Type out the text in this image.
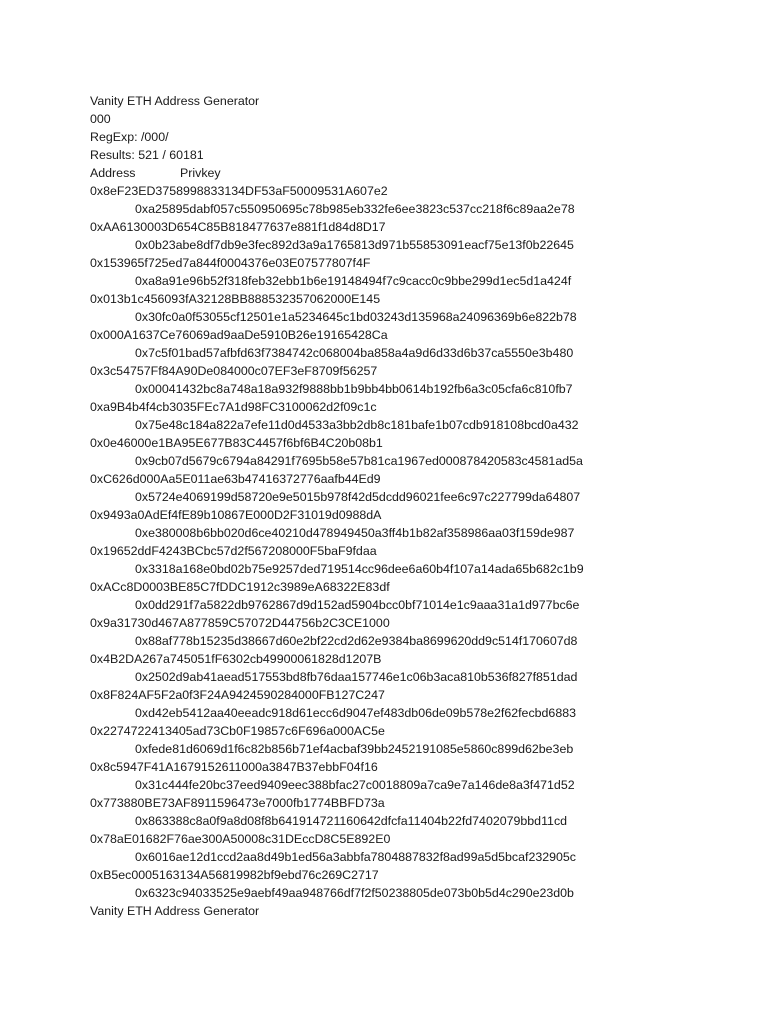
Vanity ETH Address Generator
000
RegExp: /000/
Results: 521 / 60181
Address	Privkey
0x8eF23ED3758998833134DF53aF50009531A607e2
0xa25895dabf057c550950695c78b985eb332fe6ee3823c537cc218f6c89aa2e78
0xAA6130003D654C85B818477637e881f1d84d8D17
0x0b23abe8df7db9e3fec892d3a9a1765813d971b55853091eacf75e13f0b22645
0x153965f725ed7a844f0004376e03E07577807f4F
0xa8a91e96b52f318feb32ebb1b6e19148494f7c9cacc0c9bbe299d1ec5d1a424f
0x013b1c456093fA32128BB888532357062000E145
0x30fc0a0f53055cf12501e1a5234645c1bd03243d135968a24096369b6e822b78
0x000A1637Ce76069ad9aaDe5910B26e19165428Ca
0x7c5f01bad57afbfd63f7384742c068004ba858a4a9d6d33d6b37ca5550e3b480
0x3c54757Ff84A90De084000c07EF3eF8709f56257
0x00041432bc8a748a18a932f9888bb1b9bb4bb0614b192fb6a3c05cfa6c810fb7
0xa9B4b4f4cb3035FEc7A1d98FC3100062d2f09c1c
0x75e48c184a822a7efe11d0d4533a3bb2db8c181bafe1b07cdb918108bcd0a432
0x0e46000e1BA95E677B83C4457f6bf6B4C20b08b1
0x9cb07d5679c6794a84291f7695b58e57b81ca1967ed000878420583c4581ad5a
0xC626d000Aa5E011ae63b47416372776aafb44Ed9
0x5724e4069199d58720e9e5015b978f42d5dcdd96021fee6c97c227799da64807
0x9493a0AdEf4fE89b10867E000D2F31019d0988dA
0xe380008b6bb020d6ce40210d478949450a3ff4b1b82af358986aa03f159de987
0x19652ddF4243BCbc57d2f567208000F5baF9fdaa
0x3318a168e0bd02b75e9257ded719514cc96dee6a60b4f107a14ada65b682c1b9
0xACc8D0003BE85C7fDDC1912c3989eA68322E83df
0x0dd291f7a5822db9762867d9d152ad5904bcc0bf71014e1c9aaa31a1d977bc6e
0x9a31730d467A877859C57072D44756b2C3CE1000
0x88af778b15235d38667d60e2bf22cd2d62e9384ba8699620dd9c514f170607d8
0x4B2DA267a745051fF6302cb49900061828d1207B
0x2502d9ab41aead517553bd8fb76daa157746e1c06b3aca810b536f827f851dad
0x8F824AF5F2a0f3F24A9424590284000FB127C247
0xd42eb5412aa40eeadc918d61ecc6d9047ef483db06de09b578e2f62fecbd6883
0x2274722413405ad73Cb0F19857c6F696a000AC5e
0xfede81d6069d1f6c82b856b71ef4acbaf39bb2452191085e5860c899d62be3eb
0x8c5947F41A1679152611000a3847B37ebbF04f16
0x31c444fe20bc37eed9409eec388bfac27c0018809a7ca9e7a146de8a3f471d52
0x773880BE73AF8911596473e7000fb1774BBFD73a
0x863388c8a0f9a8d08f8b641914721160642dfcfa11404b22fd7402079bbd11cd
0x78aE01682F76ae300A50008c31DEccD8C5E892E0
0x6016ae12d1ccd2aa8d49b1ed56a3abbfa7804887832f8ad99a5d5bcaf232905c
0xB5ec0005163134A56819982bf9ebd76c269C2717
0x6323c94033525e9aebf49aa948766df7f2f50238805de073b0b5d4c290e23d0b
Vanity ETH Address Generator
